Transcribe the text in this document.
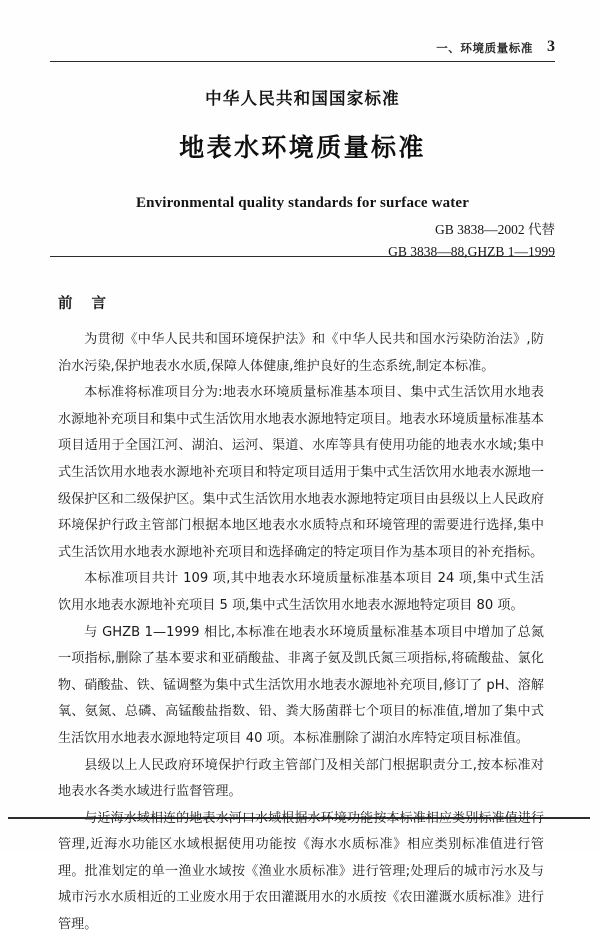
一、环境质量标准 3
中华人民共和国国家标准
地表水环境质量标准
Environmental quality standards for surface water
GB 3838—2002 代替
GB 3838—88,GHZB 1—1999
前 言

为贯彻《中华人民共和国环境保护法》和《中华人民共和国水污染防治法》,防治水污染,保护地表水水质,保障人体健康,维护良好的生态系统,制定本标准。

本标准将标准项目分为:地表水环境质量标准基本项目、集中式生活饮用水地表水源地补充项目和集中式生活饮用水地表水源地特定项目。地表水环境质量标准基本项目适用于全国江河、湖泊、运河、渠道、水库等具有使用功能的地表水水域;集中式生活饮用水地表水源地补充项目和特定项目适用于集中式生活饮用水地表水源地一级保护区和二级保护区。集中式生活饮用水地表水源地特定项目由县级以上人民政府环境保护行政主管部门根据本地区地表水水质特点和环境管理的需要进行选择,集中式生活饮用水地表水源地补充项目和选择确定的特定项目作为基本项目的补充指标。

本标准项目共计 109 项,其中地表水环境质量标准基本项目 24 项,集中式生活饮用水地表水源地补充项目 5 项,集中式生活饮用水地表水源地特定项目 80 项。

与 GHZB 1—1999 相比,本标准在地表水环境质量标准基本项目中增加了总氮一项指标,删除了基本要求和亚硝酸盐、非离子氨及凯氏氮三项指标,将硫酸盐、氯化物、硝酸盐、铁、锰调整为集中式生活饮用水地表水源地补充项目,修订了 pH、溶解氧、氨氮、总磷、高锰酸盐指数、铅、粪大肠菌群七个项目的标准值,增加了集中式生活饮用水地表水源地特定项目 40 项。本标准删除了湖泊水库特定项目标准值。

县级以上人民政府环境保护行政主管部门及相关部门根据职责分工,按本标准对地表水各类水域进行监督管理。

与近海水域相连的地表水河口水域根据水环境功能按本标准相应类别标准值进行管理,近海水功能区水域根据使用功能按《海水水质标准》相应类别标准值进行管理。批准划定的单一渔业水域按《渔业水质标准》进行管理;处理后的城市污水及与城市污水水质相近的工业废水用于农田灌溉用水的水质按《农田灌溉水质标准》进行管理。
